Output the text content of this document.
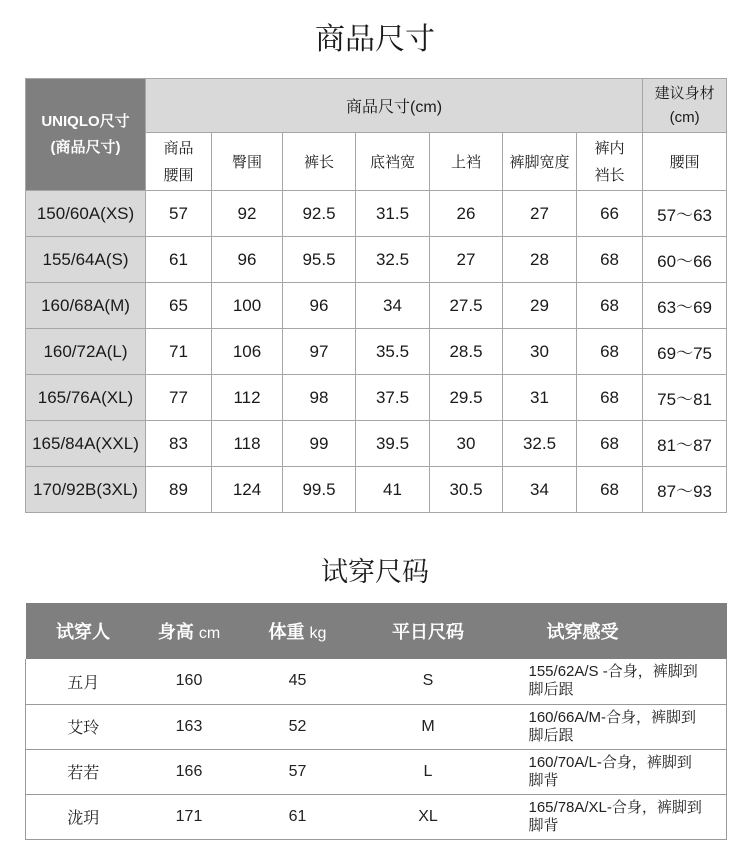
商品尺寸
UNIQLO尺寸
(商品尺寸)	商品尺寸(cm)							建议身材
(cm)

	商品腰围	臀围	裤长	底裆宽	上裆	裤脚宽度	裤内裆长	腰围
150/60A(XS)	57	92	92.5	31.5	26	27	66	57～63
155/64A(S)	61	96	95.5	32.5	27	28	68	60～66
160/68A(M)	65	100	96	34	27.5	29	68	63～69
160/72A(L)	71	106	97	35.5	28.5	30	68	69～75
165/76A(XL)	77	112	98	37.5	29.5	31	68	75～81
165/84A(XXL)	83	118	99	39.5	30	32.5	68	81～87
170/92B(3XL)	89	124	99.5	41	30.5	34	68	87～93
试穿尺码
试穿人	身高 cm	体重 kg	平日尺码	试穿感受
五月	160	45	S	155/62A/S -合身，裤脚到
脚后跟

艾玲	163	52	M	160/66A/M-合身，裤脚到
脚后跟

若若	166	57	L	160/70A/L-合身，裤脚到
脚背

泷玥	171	61	XL	165/78A/XL-合身，裤脚到
脚背
